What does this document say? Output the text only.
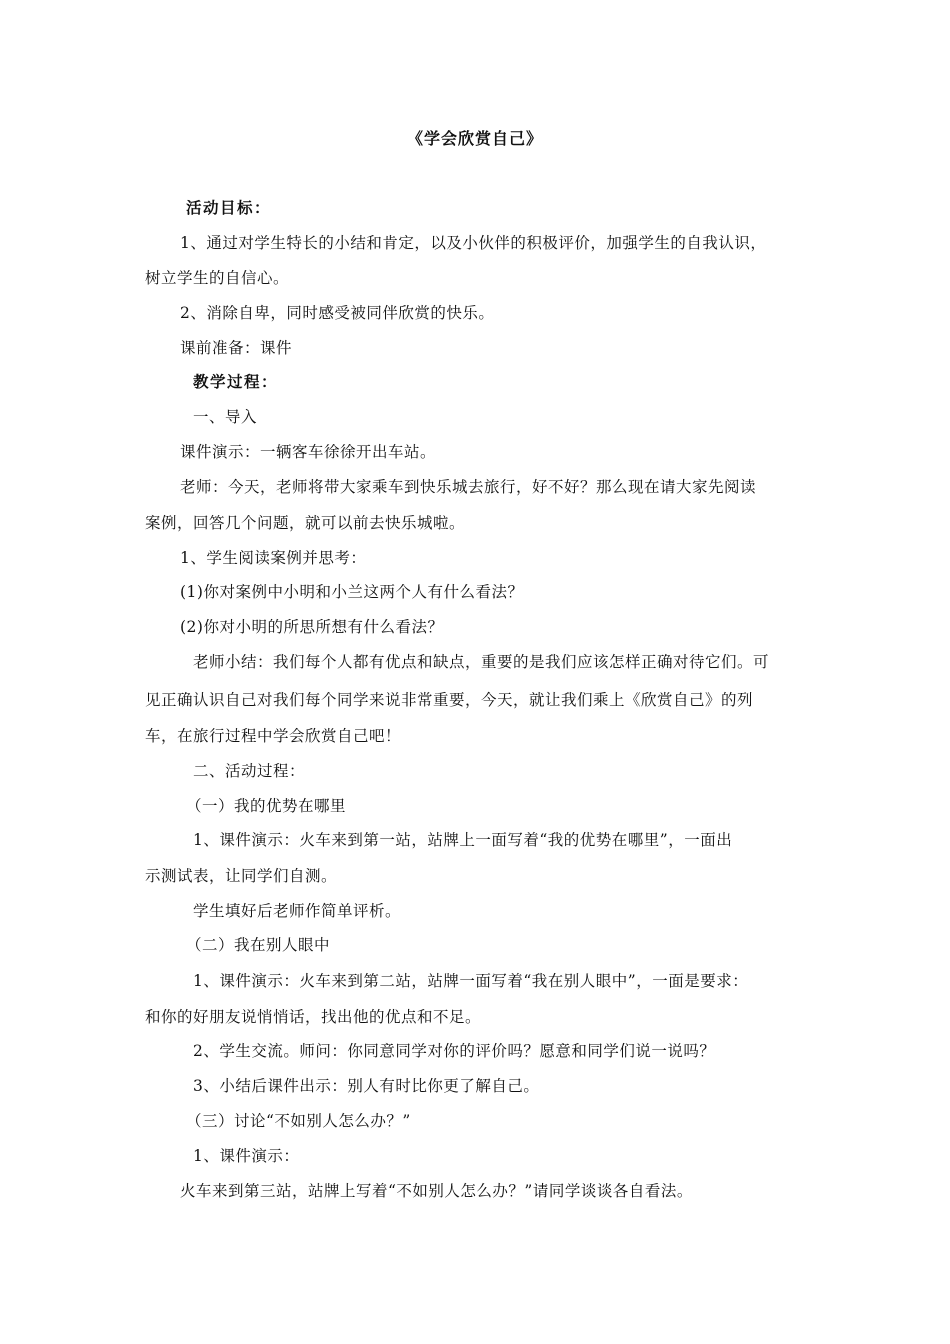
《学会欣赏自己》
活动目标：
1、通过对学生特长的小结和肯定，以及小伙伴的积极评价，加强学生的自我认识，
树立学生的自信心。
2、消除自卑，同时感受被同伴欣赏的快乐。
课前准备：课件
教学过程：
一、导入
课件演示：一辆客车徐徐开出车站。
老师：今天，老师将带大家乘车到快乐城去旅行，好不好？那么现在请大家先阅读
案例，回答几个问题，就可以前去快乐城啦。
1、学生阅读案例并思考：
(1)你对案例中小明和小兰这两个人有什么看法？
(2)你对小明的所思所想有什么看法？
老师小结：我们每个人都有优点和缺点，重要的是我们应该怎样正确对待它们。可
见正确认识自己对我们每个同学来说非常重要，今天，就让我们乘上《欣赏自己》的列
车，在旅行过程中学会欣赏自己吧！
二、活动过程：
（一）我的优势在哪里
1、课件演示：火车来到第一站，站牌上一面写着“我的优势在哪里”，一面出
示测试表，让同学们自测。
学生填好后老师作简单评析。
（二）我在别人眼中
1、课件演示：火车来到第二站，站牌一面写着“我在别人眼中”，一面是要求：
和你的好朋友说悄悄话，找出他的优点和不足。
2、学生交流。师问：你同意同学对你的评价吗？愿意和同学们说一说吗？
3、小结后课件出示：别人有时比你更了解自己。
（三）讨论“不如别人怎么办？”
1、课件演示：
火车来到第三站，站牌上写着“不如别人怎么办？”请同学谈谈各自看法。
